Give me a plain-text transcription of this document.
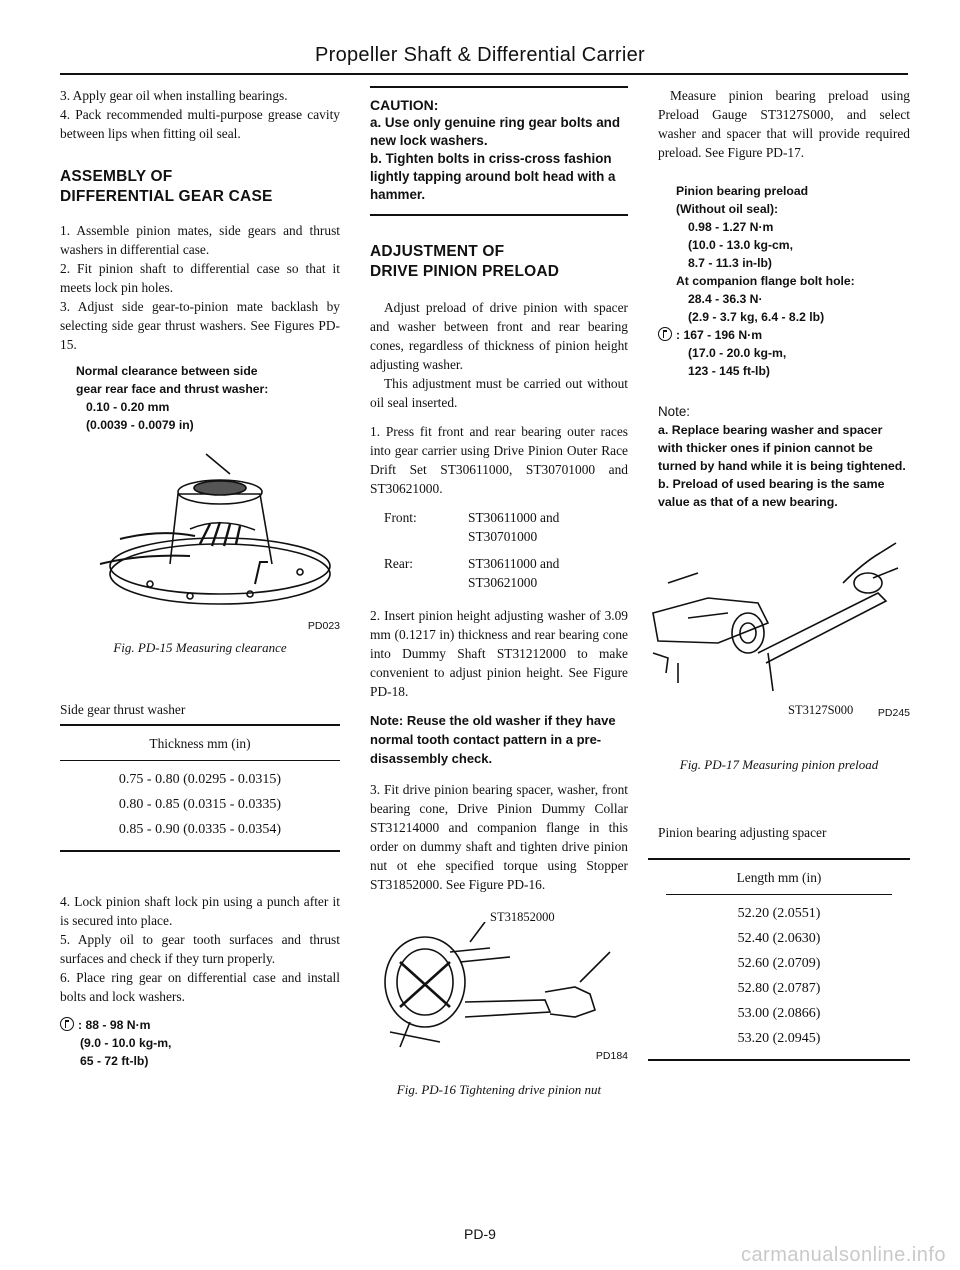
Propeller Shaft & Differential Carrier

3. Apply gear oil when installing bearings.

4. Pack recommended multi-purpose grease cavity between lips when fitting oil seal.

ASSEMBLY OF
DIFFERENTIAL GEAR CASE

1. Assemble pinion mates, side gears and thrust washers in differential case.

2. Fit pinion shaft to differential case so that it meets lock pin holes.

3. Adjust side gear-to-pinion mate backlash by selecting side gear thrust washers. See Figures PD-15.

Normal clearance between side
gear rear face and thrust washer:
0.10 - 0.20 mm
(0.0039 - 0.0079 in)
PD023
Fig. PD-15 Measuring clearance

Side gear thrust washer

Thickness mm (in)
0.75 - 0.80 (0.0295 - 0.0315)
0.80 - 0.85 (0.0315 - 0.0335)
0.85 - 0.90 (0.0335 - 0.0354)

4. Lock pinion shaft lock pin using a punch after it is secured into place.

5. Apply oil to gear tooth surfaces and thrust surfaces and check if they turn properly.

6. Place ring gear on differential case and install bolts and lock washers.

: 88 - 98 N·m
(9.0 - 10.0 kg-m,
65 - 72 ft-lb)
CAUTION:
a. Use only genuine ring gear bolts and new lock washers.
b. Tighten bolts in criss-cross fashion lightly tapping around bolt head with a hammer.
ADJUSTMENT OF
DRIVE PINION PRELOAD

Adjust preload of drive pinion with spacer and washer between front and rear bearing cones, regardless of thickness of pinion height adjusting washer.

This adjustment must be carried out without oil seal inserted.

1. Press fit front and rear bearing outer races into gear carrier using Drive Pinion Outer Race Drift Set ST30611000, ST30701000 and ST30621000.

Front:	ST30611000 and
ST30701000
Rear:	ST30611000 and
ST30621000

2. Insert pinion height adjusting washer of 3.09 mm (0.1217 in) thickness and rear bearing cone into Dummy Shaft ST31212000 to make convenient to adjust pinion height. See Figure PD-18.

Note: Reuse the old washer if they have normal tooth contact pattern in a pre-disassembly check.

3. Fit drive pinion bearing spacer, washer, front bearing cone, Drive Pinion Dummy Collar ST31214000 and companion flange in this order on dummy shaft and tighten drive pinion nut ot ehe specified torque using Stopper ST31852000. See Figure PD-16.

ST31852000
PD184
Fig. PD-16 Tightening drive pinion nut

Measure pinion bearing preload using Preload Gauge ST3127S000, and select washer and spacer that will provide required preload. See Figure PD-17.

Pinion bearing preload
(Without oil seal):
0.98 - 1.27 N·m
(10.0 - 13.0 kg-cm,
8.7 - 11.3 in-lb)
At companion flange bolt hole:
28.4 - 36.3 N·
(2.9 - 3.7 kg, 6.4 - 8.2 lb)
: 167 - 196 N·m
(17.0 - 20.0 kg-m,
123 - 145 ft-lb)
Note:
a. Replace bearing washer and spacer with thicker ones if pinion cannot be turned by hand while it is being tightened.
b. Preload of used bearing is the same value as that of a new bearing.
ST3127S000 PD245
Fig. PD-17 Measuring pinion preload

Pinion bearing adjusting spacer

Length mm (in)
52.20 (2.0551)
52.40 (2.0630)
52.60 (2.0709)
52.80 (2.0787)
53.00 (2.0866)
53.20 (2.0945)
PD-9
carmanualsonline.info
